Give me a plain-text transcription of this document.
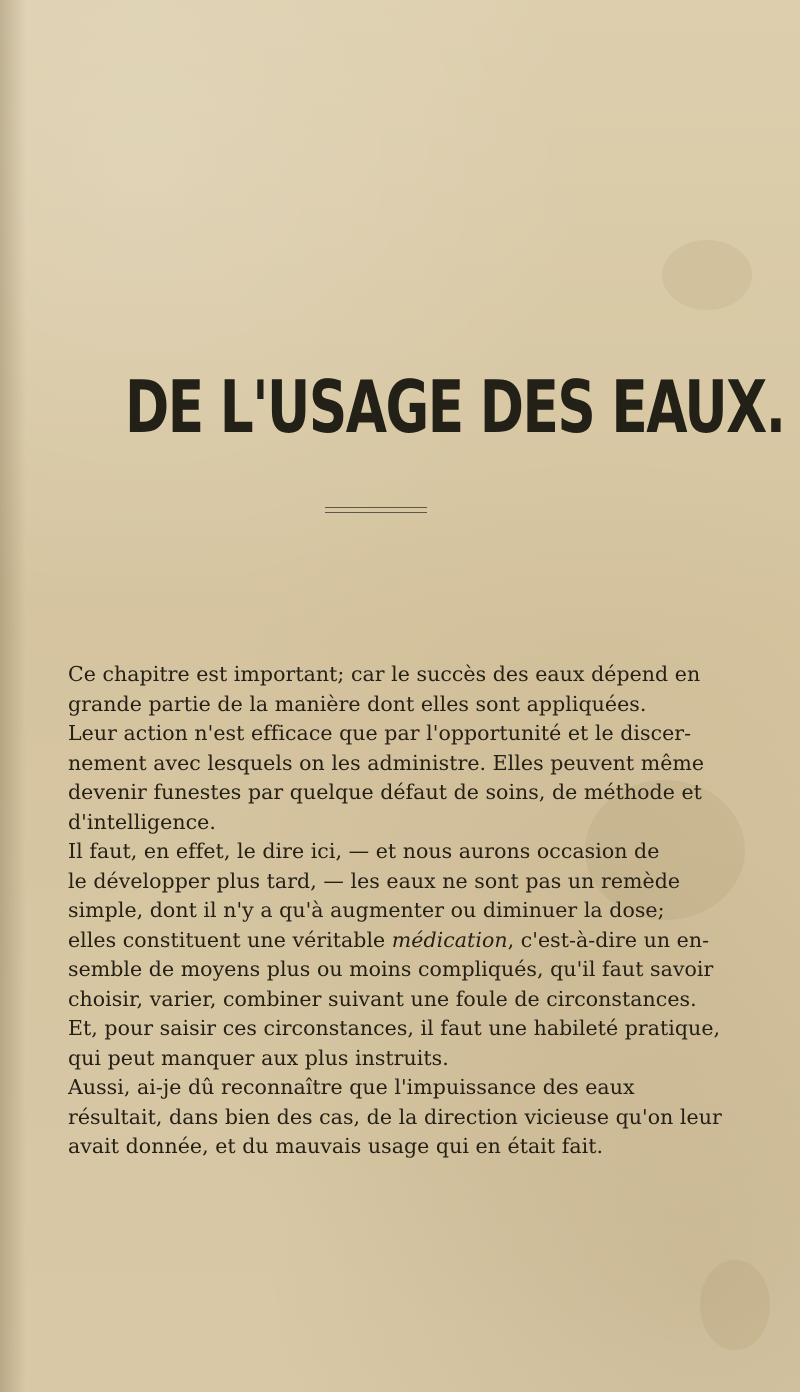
DE L'USAGE DES EAUX.

Ce chapitre est important; car le succès des eaux dépend en
grande partie de la manière dont elles sont appliquées.

Leur action n'est efficace que par l'opportunité et le discer-
nement avec lesquels on les administre. Elles peuvent même
devenir funestes par quelque défaut de soins, de méthode et
d'intelligence.

Il faut, en effet, le dire ici, — et nous aurons occasion de
le développer plus tard, — les eaux ne sont pas un remède
simple, dont il n'y a qu'à augmenter ou diminuer la dose;
elles constituent une véritable médication, c'est-à-dire un en-
semble de moyens plus ou moins compliqués, qu'il faut savoir
choisir, varier, combiner suivant une foule de circonstances.
Et, pour saisir ces circonstances, il faut une habileté pratique,
qui peut manquer aux plus instruits.

Aussi, ai-je dû reconnaître que l'impuissance des eaux
résultait, dans bien des cas, de la direction vicieuse qu'on leur
avait donnée, et du mauvais usage qui en était fait.
